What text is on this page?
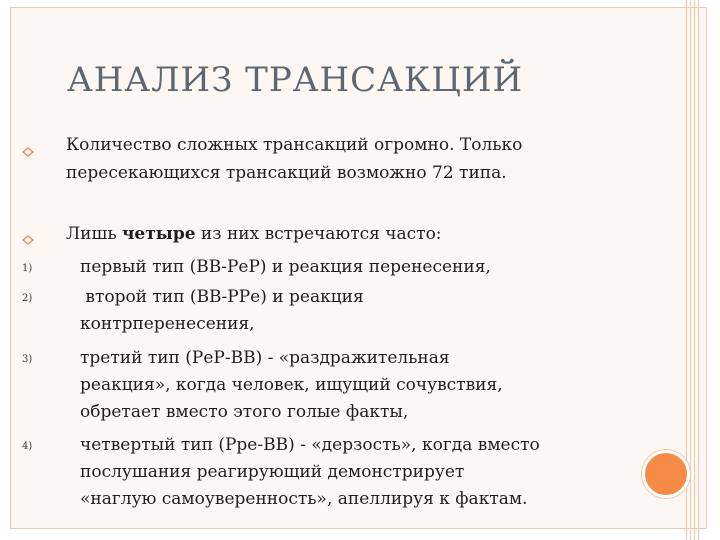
АНАЛИЗ ТРАНСАКЦИЙ
Количество сложных трансакций огромно. Только
пересекающихся трансакций возможно 72 типа.
Лишь четыре из них встречаются часто:
1)	первый тип (ВВ-РеР) и реакция перенесения,
2)	второй тип (ВВ-РРе) и реакция
контрперенесения,
3)	третий тип (РеР-ВВ) - «раздражительная
реакция», когда человек, ищущий сочувствия,
обретает вместо этого голые факты,
4)	четвертый тип (Рре-ВВ) - «дерзость», когда вместо
послушания реагирующий демонстрирует
«наглую самоуверенность», апеллируя к фактам.
